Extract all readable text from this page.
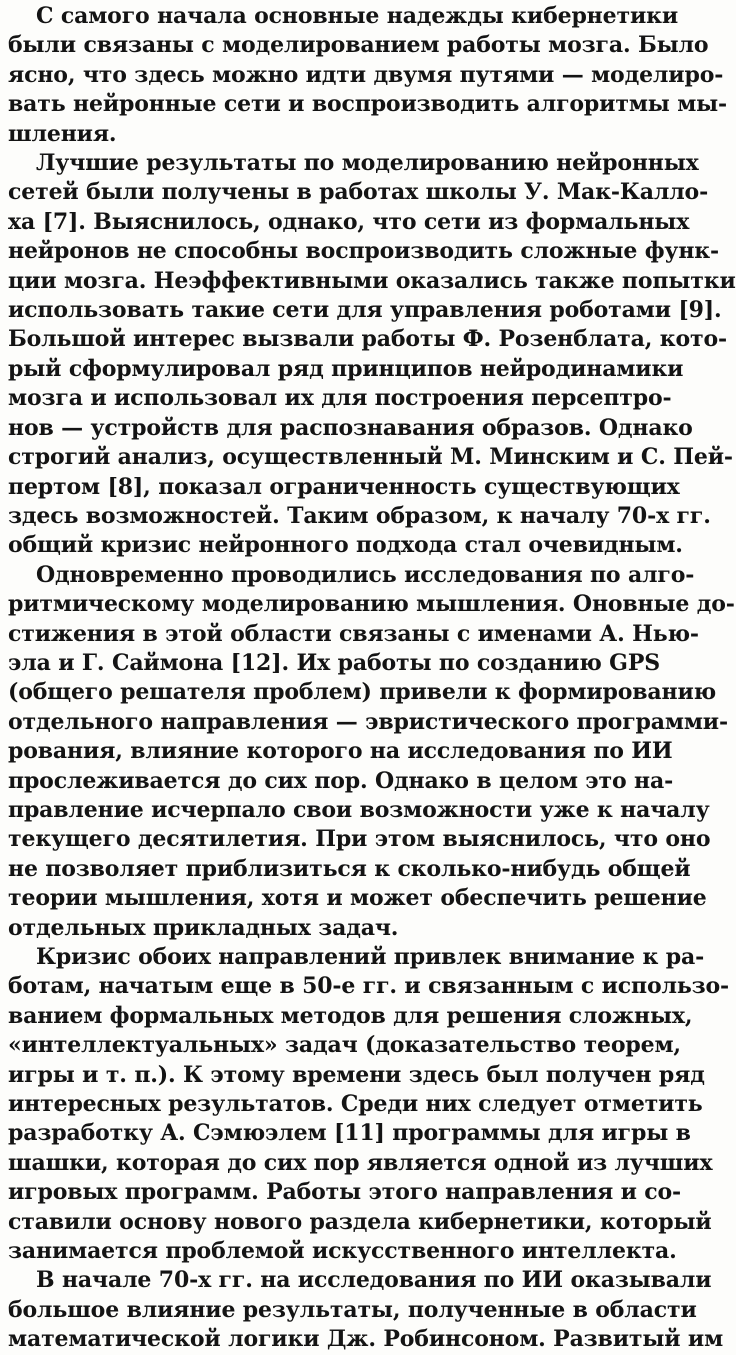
С самого начала основные надежды кибернетики
были связаны с моделированием работы мозга. Было
ясно, что здесь можно идти двумя путями — моделиро-
вать нейронные сети и воспроизводить алгоритмы мы-
шления.
Лучшие результаты по моделированию нейронных
сетей были получены в работах школы У. Мак-Калло-
ха [7]. Выяснилось, однако, что сети из формальных
нейронов не способны воспроизводить сложные функ-
ции мозга. Неэффективными оказались также попытки
использовать такие сети для управления роботами [9].
Большой интерес вызвали работы Ф. Розенблата, кото-
рый сформулировал ряд принципов нейродинамики
мозга и использовал их для построения персептро-
нов — устройств для распознавания образов. Однако
строгий анализ, осуществленный М. Минским и С. Пей-
пертом [8], показал ограниченность существующих
здесь возможностей. Таким образом, к началу 70-х гг.
общий кризис нейронного подхода стал очевидным.
Одновременно проводились исследования по алго-
ритмическому моделированию мышления. Оновные до-
стижения в этой области связаны с именами А. Нью-
эла и Г. Саймона [12]. Их работы по созданию GPS
(общего решателя проблем) привели к формированию
отдельного направления — эвристического программи-
рования, влияние которого на исследования по ИИ
прослеживается до сих пор. Однако в целом это на-
правление исчерпало свои возможности уже к началу
текущего десятилетия. При этом выяснилось, что оно
не позволяет приблизиться к сколько-нибудь общей
теории мышления, хотя и может обеспечить решение
отдельных прикладных задач.
Кризис обоих направлений привлек внимание к ра-
ботам, начатым еще в 50-е гг. и связанным с использо-
ванием формальных методов для решения сложных,
«интеллектуальных» задач (доказательство теорем,
игры и т. п.). К этому времени здесь был получен ряд
интересных результатов. Среди них следует отметить
разработку А. Сэмюэлем [11] программы для игры в
шашки, которая до сих пор является одной из лучших
игровых программ. Работы этого направления и со-
ставили основу нового раздела кибернетики, который
занимается проблемой искусственного интеллекта.
В начале 70-х гг. на исследования по ИИ оказывали
большое влияние результаты, полученные в области
математической логики Дж. Робинсоном. Развитый им
